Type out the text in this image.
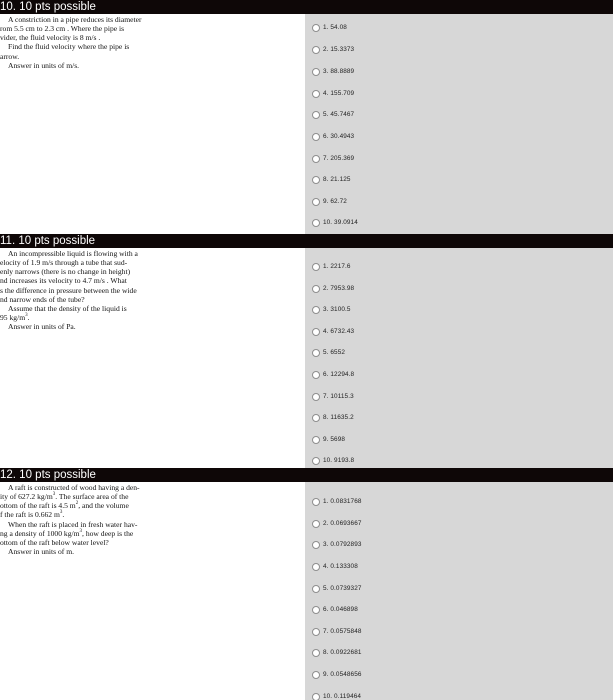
10. 10 pts possible

A constriction in a pipe reduces its diameter

rom 5.5 cm to 2.3 cm . Where the pipe is

vider, the fluid velocity is 8 m/s .

Find the fluid velocity where the pipe is

arrow.

Answer in units of m/s.

1. 54.08
2. 15.3373
3. 88.8889
4. 155.709
5. 45.7467
6. 30.4943
7. 205.369
8. 21.125
9. 62.72
10. 39.0914
11. 10 pts possible

An incompressible liquid is flowing with a

elocity of 1.9 m/s through a tube that sud-

enly narrows (there is no change in height)

nd increases its velocity to 4.7 m/s . What

s the difference in pressure between the wide

nd narrow ends of the tube?

Assume that the density of the liquid is

95 $kg/m^3$.

Answer in units of Pa.

1. 2217.6
2. 7953.98
3. 3100.5
4. 6732.43
5. 6552
6. 12294.8
7. 10115.3
8. 11635.2
9. 5698
10. 9193.8
12. 10 pts possible

A raft is constructed of wood having a den-

ity of 627.2 $kg/m^3$. The surface area of the

ottom of the raft is 4.5 $m^2$, and the volume

f the raft is 0.662 $m^3$.

When the raft is placed in fresh water hav-

ng a density of 1000 $kg/m^3$, how deep is the

ottom of the raft below water level?

Answer in units of m.

1. 0.0831768
2. 0.0693667
3. 0.0792893
4. 0.133308
5. 0.0739327
6. 0.046898
7. 0.0575848
8. 0.0922681
9. 0.0548656
10. 0.119464
